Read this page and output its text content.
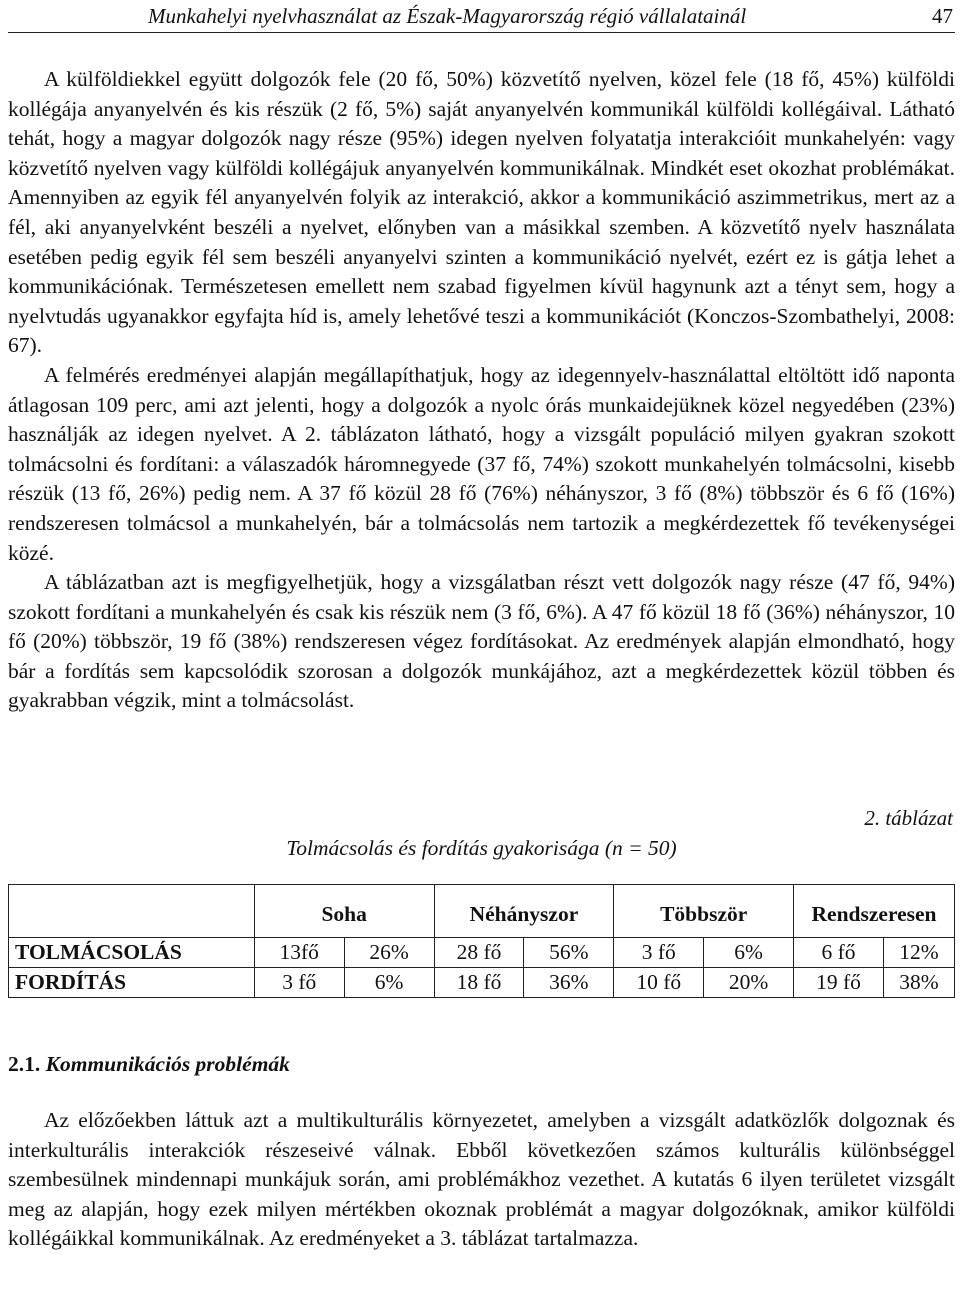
Munkahelyi nyelvhasználat az Észak-Magyarország régió vállalatainál	47

A külföldiekkel együtt dolgozók fele (20 fő, 50%) közvetítő nyelven, közel fele (18 fő, 45%) külföldi kollégája anyanyelvén és kis részük (2 fő, 5%) saját anyanyelvén kommunikál külföldi kollégáival. Látható tehát, hogy a magyar dolgozók nagy része (95%) idegen nyelven folyatatja interakcióit munkahelyén: vagy közvetítő nyelven vagy külföldi kollégájuk anyanyelvén kommunikálnak. Mindkét eset okozhat problémákat. Amennyiben az egyik fél anyanyelvén folyik az interakció, akkor a kommunikáció aszimmetrikus, mert az a fél, aki anyanyelvként beszéli a nyelvet, előnyben van a másikkal szemben. A közvetítő nyelv használata esetében pedig egyik fél sem beszéli anyanyelvi szinten a kommunikáció nyelvét, ezért ez is gátja lehet a kommunikációnak. Természetesen emellett nem szabad figyelmen kívül hagynunk azt a tényt sem, hogy a nyelvtudás ugyanakkor egyfajta híd is, amely lehetővé teszi a kommunikációt (Konczos-Szombathelyi, 2008: 67).

A felmérés eredményei alapján megállapíthatjuk, hogy az idegennyelv-használattal eltöltött idő naponta átlagosan 109 perc, ami azt jelenti, hogy a dolgozók a nyolc órás munkaidejüknek közel negyedében (23%) használják az idegen nyelvet. A 2. táblázaton látható, hogy a vizsgált populáció milyen gyakran szokott tolmácsolni és fordítani: a válaszadók háromnegyede (37 fő, 74%) szokott munkahelyén tolmácsolni, kisebb részük (13 fő, 26%) pedig nem. A 37 fő közül 28 fő (76%) néhányszor, 3 fő (8%) többször és 6 fő (16%) rendszeresen tolmácsol a munkahelyén, bár a tolmácsolás nem tartozik a megkérdezettek fő tevékenységei közé.

A táblázatban azt is megfigyelhetjük, hogy a vizsgálatban részt vett dolgozók nagy része (47 fő, 94%) szokott fordítani a munkahelyén és csak kis részük nem (3 fő, 6%). A 47 fő közül 18 fő (36%) néhányszor, 10 fő (20%) többször, 19 fő (38%) rendszeresen végez fordításokat. Az eredmények alapján elmondható, hogy bár a fordítás sem kapcsolódik szorosan a dolgozók munkájához, azt a megkérdezettek közül többen és gyakrabban végzik, mint a tolmácsolást.

2. táblázat
Tolmácsolás és fordítás gyakorisága (n = 50)
	Soha		Néhányszor		Többször		Rendszeresen	
TOLMÁCSOLÁS	13fő	26%	28 fő	56%	3 fő	6%	6 fő	12%
FORDÍTÁS	3 fő	6%	18 fő	36%	10 fő	20%	19 fő	38%
2.1. Kommunikációs problémák

Az előzőekben láttuk azt a multikulturális környezetet, amelyben a vizsgált adatközlők dolgoznak és interkulturális interakciók részeseivé válnak. Ebből következően számos kulturális különbséggel szembesülnek mindennapi munkájuk során, ami problémákhoz vezethet. A kutatás 6 ilyen területet vizsgált meg az alapján, hogy ezek milyen mértékben okoznak problémát a magyar dolgozóknak, amikor külföldi kollégáikkal kommunikálnak. Az eredményeket a 3. táblázat tartalmazza.
